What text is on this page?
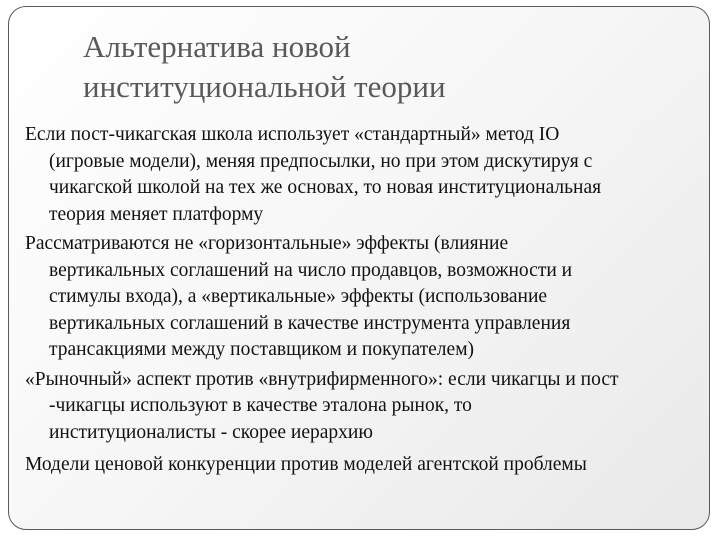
Альтернатива новой
институциональной теории

Если пост-чикагская школа использует «стандартный» метод ІО
(игровые модели), меняя предпосылки, но при этом дискутируя с
чикагской школой на тех же основах, то новая институциональная
теория меняет платформу

Рассматриваются не «горизонтальные» эффекты (влияние
вертикальных соглашений на число продавцов, возможности и
стимулы входа), а «вертикальные» эффекты (использование
вертикальных соглашений в качестве инструмента управления
трансакциями между поставщиком и покупателем)

«Рыночный» аспект против «внутрифирменного»: если чикагцы и пост
-чикагцы используют в качестве эталона рынок, то
институционалисты - скорее иерархию

Модели ценовой конкуренции против моделей агентской проблемы
